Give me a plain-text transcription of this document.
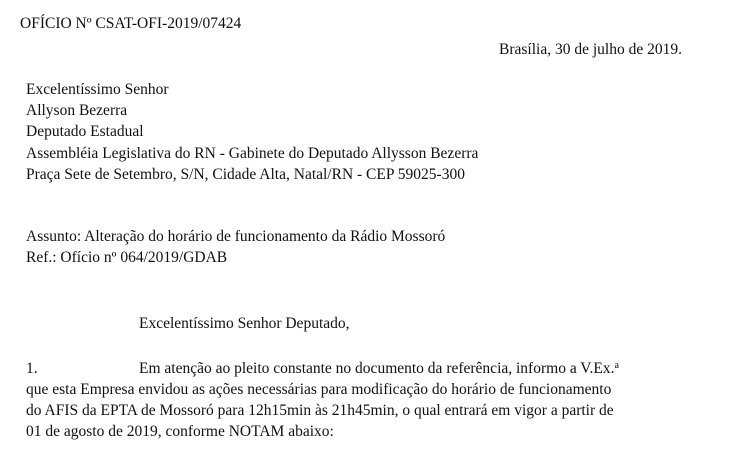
OFÍCIO Nº CSAT-OFI-2019/07424
Brasília, 30 de julho de 2019.
Excelentíssimo Senhor
Allyson Bezerra
Deputado Estadual
Assembléia Legislativa do RN - Gabinete do Deputado Allysson Bezerra
Praça Sete de Setembro, S/N, Cidade Alta, Natal/RN - CEP 59025-300
Assunto: Alteração do horário de funcionamento da Rádio Mossoró
Ref.: Ofício nº 064/2019/GDAB
Excelentíssimo Senhor Deputado,
1.	Em atenção ao pleito constante no documento da referência, informo a V.Ex.$^a$
que esta Empresa envidou as ações necessárias para modificação do horário de funcionamento
do AFIS da EPTA de Mossoró para 12h15min às 21h45min, o qual entrará em vigor a partir de
01 de agosto de 2019, conforme NOTAM abaixo:
